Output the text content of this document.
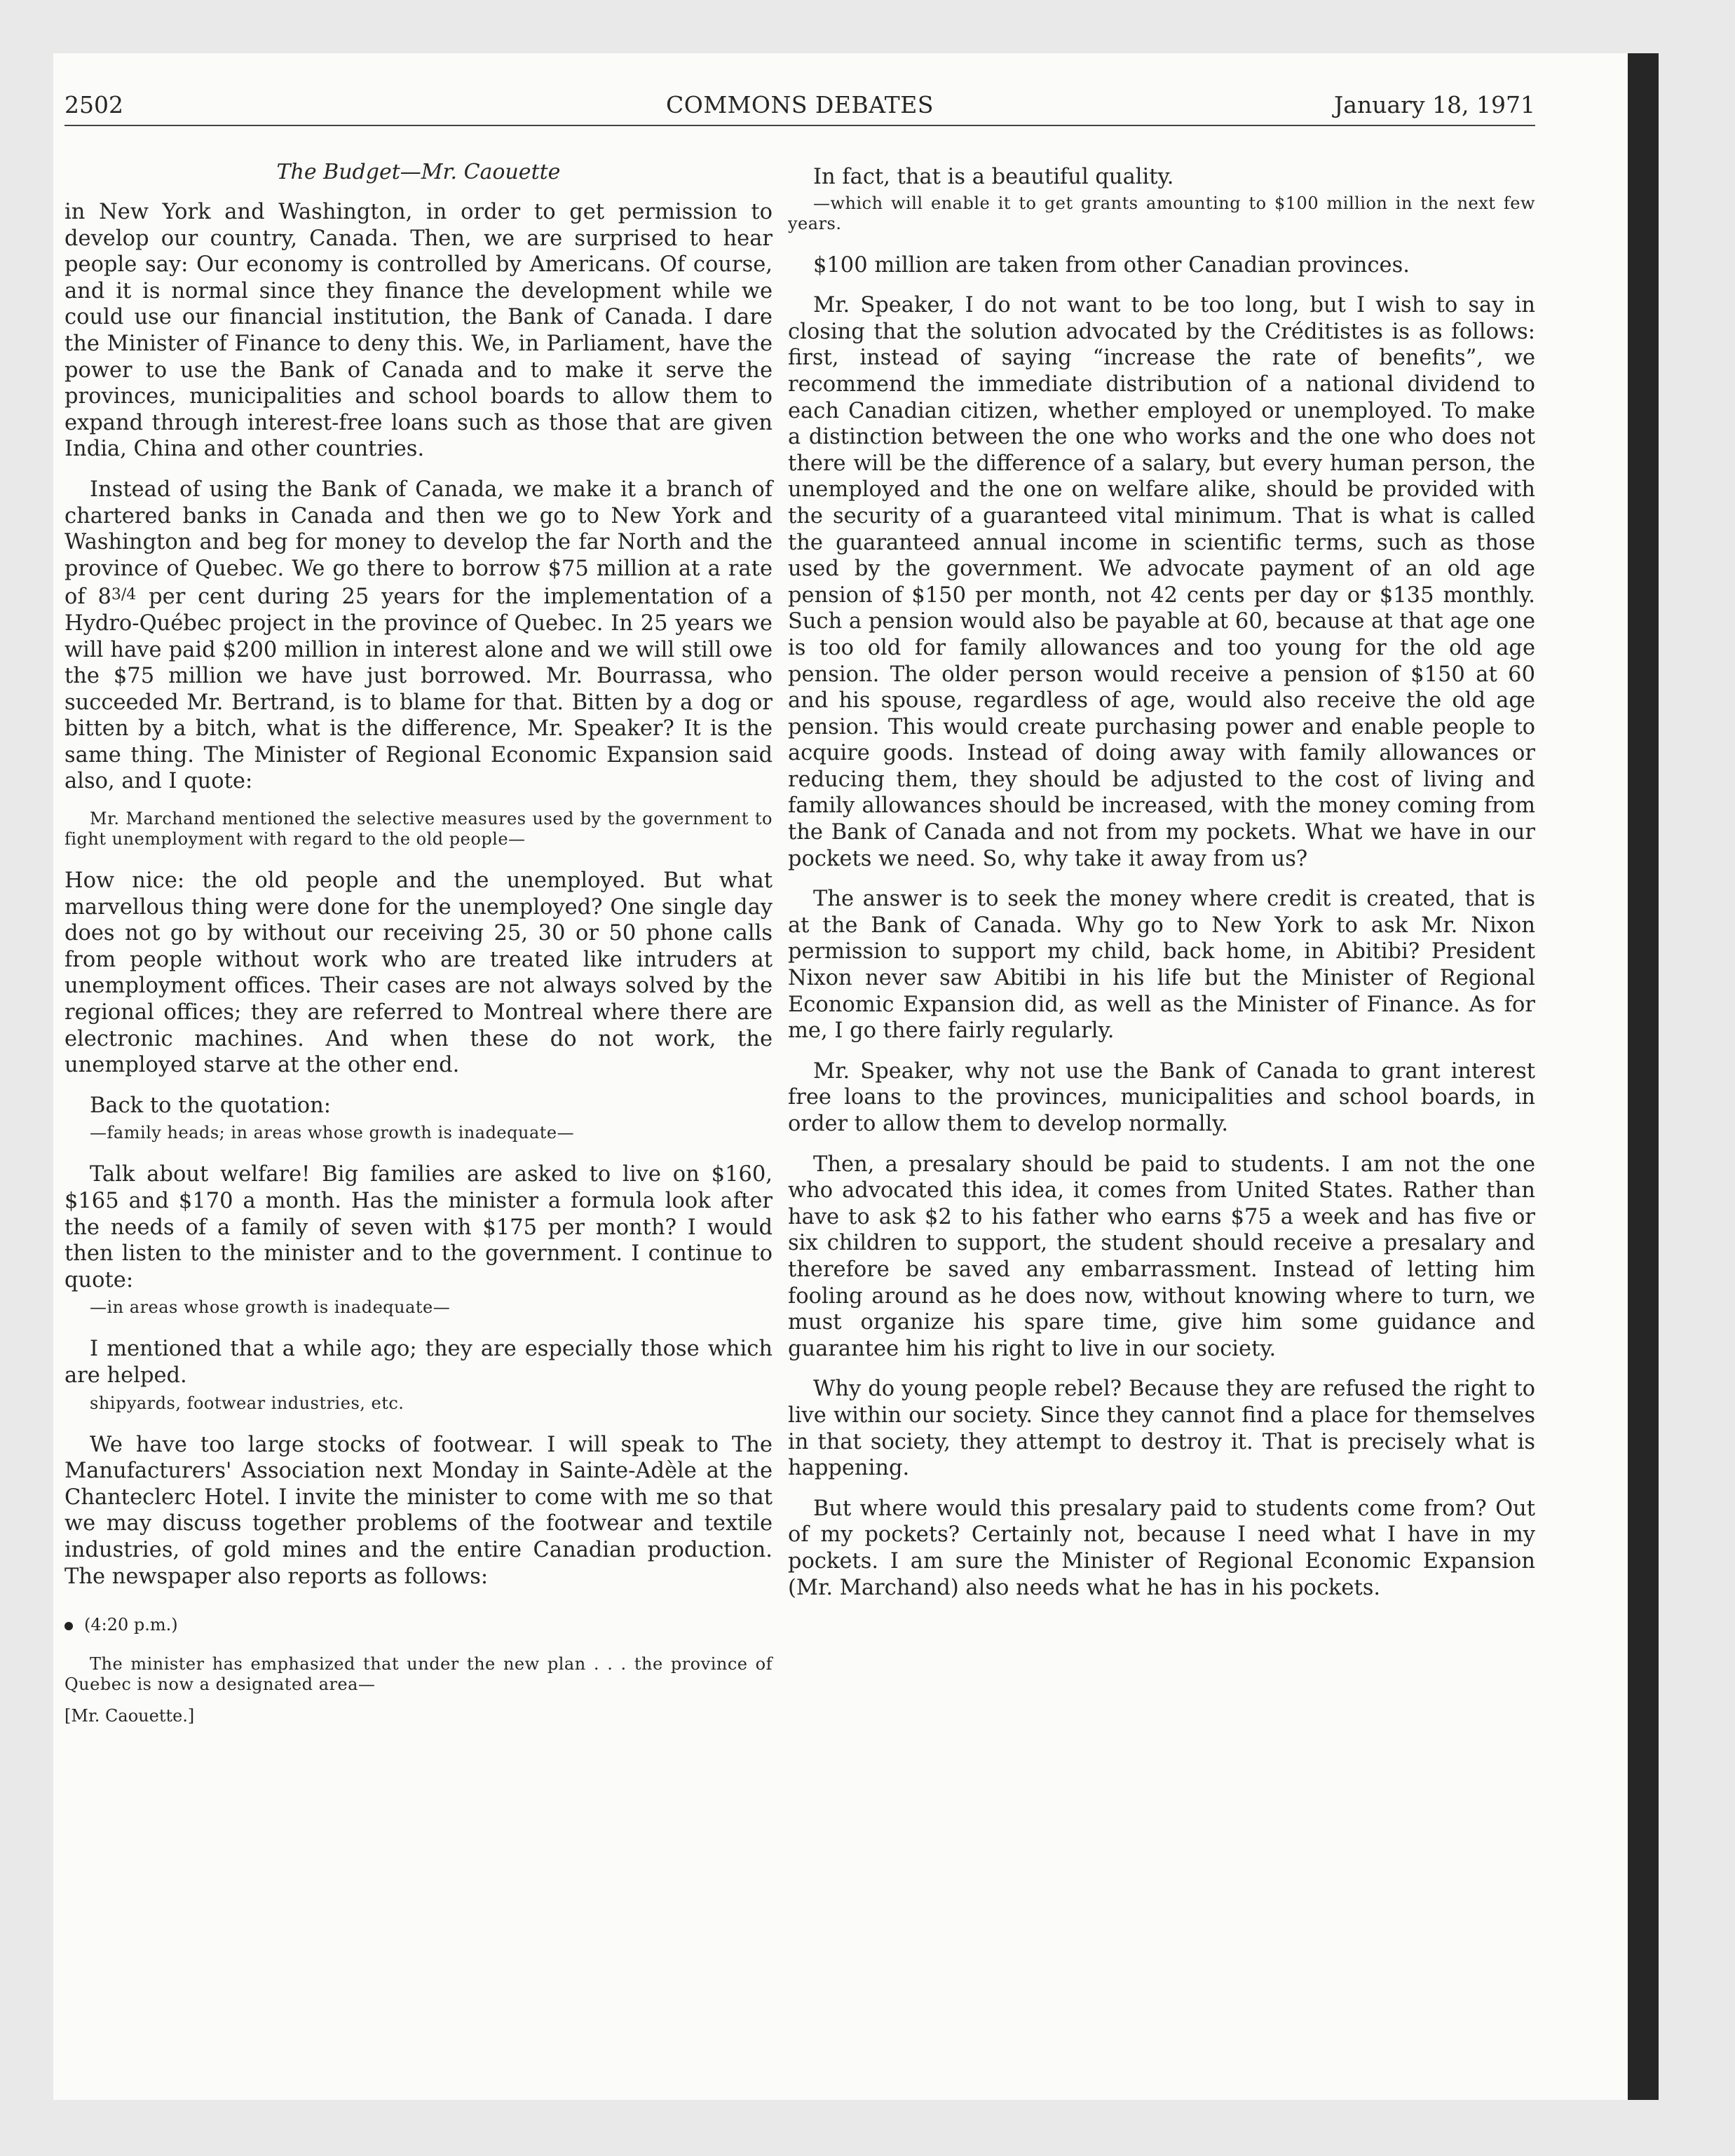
2502	COMMONS DEBATES	January 18, 1971
The Budget—Mr. Caouette

in New York and Washington, in order to get permission to develop our country, Canada. Then, we are surprised to hear people say: Our economy is controlled by Americans. Of course, and it is normal since they finance the development while we could use our financial institution, the Bank of Canada. I dare the Minister of Finance to deny this. We, in Parliament, have the power to use the Bank of Canada and to make it serve the provinces, municipalities and school boards to allow them to expand through interest-free loans such as those that are given India, China and other countries.

Instead of using the Bank of Canada, we make it a branch of chartered banks in Canada and then we go to New York and Washington and beg for money to develop the far North and the province of Quebec. We go there to borrow $75 million at a rate of 83/4 per cent during 25 years for the implementation of a Hydro-Québec project in the province of Quebec. In 25 years we will have paid $200 million in interest alone and we will still owe the $75 million we have just borrowed. Mr. Bourrassa, who succeeded Mr. Bertrand, is to blame for that. Bitten by a dog or bitten by a bitch, what is the difference, Mr. Speaker? It is the same thing. The Minister of Regional Economic Expansion said also, and I quote:

Mr. Marchand mentioned the selective measures used by the government to fight unemployment with regard to the old people—

How nice: the old people and the unemployed. But what marvellous thing were done for the unemployed? One single day does not go by without our receiving 25, 30 or 50 phone calls from people without work who are treated like intruders at unemployment offices. Their cases are not always solved by the regional offices; they are referred to Montreal where there are electronic machines. And when these do not work, the unemployed starve at the other end.

Back to the quotation:

—family heads; in areas whose growth is inadequate—

Talk about welfare! Big families are asked to live on $160, $165 and $170 a month. Has the minister a formula look after the needs of a family of seven with $175 per month? I would then listen to the minister and to the government. I continue to quote:

—in areas whose growth is inadequate—

I mentioned that a while ago; they are especially those which are helped.

shipyards, footwear industries, etc.

We have too large stocks of footwear. I will speak to The Manufacturers' Association next Monday in Sainte-Adèle at the Chanteclerc Hotel. I invite the minister to come with me so that we may discuss together problems of the footwear and textile industries, of gold mines and the entire Canadian production. The newspaper also reports as follows:

(4:20 p.m.)
The minister has emphasized that under the new plan . . . the province of Quebec is now a designated area—
[Mr. Caouette.]

In fact, that is a beautiful quality.

—which will enable it to get grants amounting to $100 million in the next few years.

$100 million are taken from other Canadian provinces.

Mr. Speaker, I do not want to be too long, but I wish to say in closing that the solution advocated by the Créditistes is as follows: first, instead of saying “increase the rate of benefits”, we recommend the immediate distribution of a national dividend to each Canadian citizen, whether employed or unemployed. To make a distinction between the one who works and the one who does not there will be the difference of a salary, but every human person, the unemployed and the one on welfare alike, should be provided with the security of a guaranteed vital minimum. That is what is called the guaranteed annual income in scientific terms, such as those used by the government. We advocate payment of an old age pension of $150 per month, not 42 cents per day or $135 monthly. Such a pension would also be payable at 60, because at that age one is too old for family allowances and too young for the old age pension. The older person would receive a pension of $150 at 60 and his spouse, regardless of age, would also receive the old age pension. This would create purchasing power and enable people to acquire goods. Instead of doing away with family allowances or reducing them, they should be adjusted to the cost of living and family allowances should be increased, with the money coming from the Bank of Canada and not from my pockets. What we have in our pockets we need. So, why take it away from us?

The answer is to seek the money where credit is created, that is at the Bank of Canada. Why go to New York to ask Mr. Nixon permission to support my child, back home, in Abitibi? President Nixon never saw Abitibi in his life but the Minister of Regional Economic Expansion did, as well as the Minister of Finance. As for me, I go there fairly regularly.

Mr. Speaker, why not use the Bank of Canada to grant interest free loans to the provinces, municipalities and school boards, in order to allow them to develop normally.

Then, a presalary should be paid to students. I am not the one who advocated this idea, it comes from United States. Rather than have to ask $2 to his father who earns $75 a week and has five or six children to support, the student should receive a presalary and therefore be saved any embarrassment. Instead of letting him fooling around as he does now, without knowing where to turn, we must organize his spare time, give him some guidance and guarantee him his right to live in our society.

Why do young people rebel? Because they are refused the right to live within our society. Since they cannot find a place for themselves in that society, they attempt to destroy it. That is precisely what is happening.

But where would this presalary paid to students come from? Out of my pockets? Certainly not, because I need what I have in my pockets. I am sure the Minister of Regional Economic Expansion (Mr. Marchand) also needs what he has in his pockets.
